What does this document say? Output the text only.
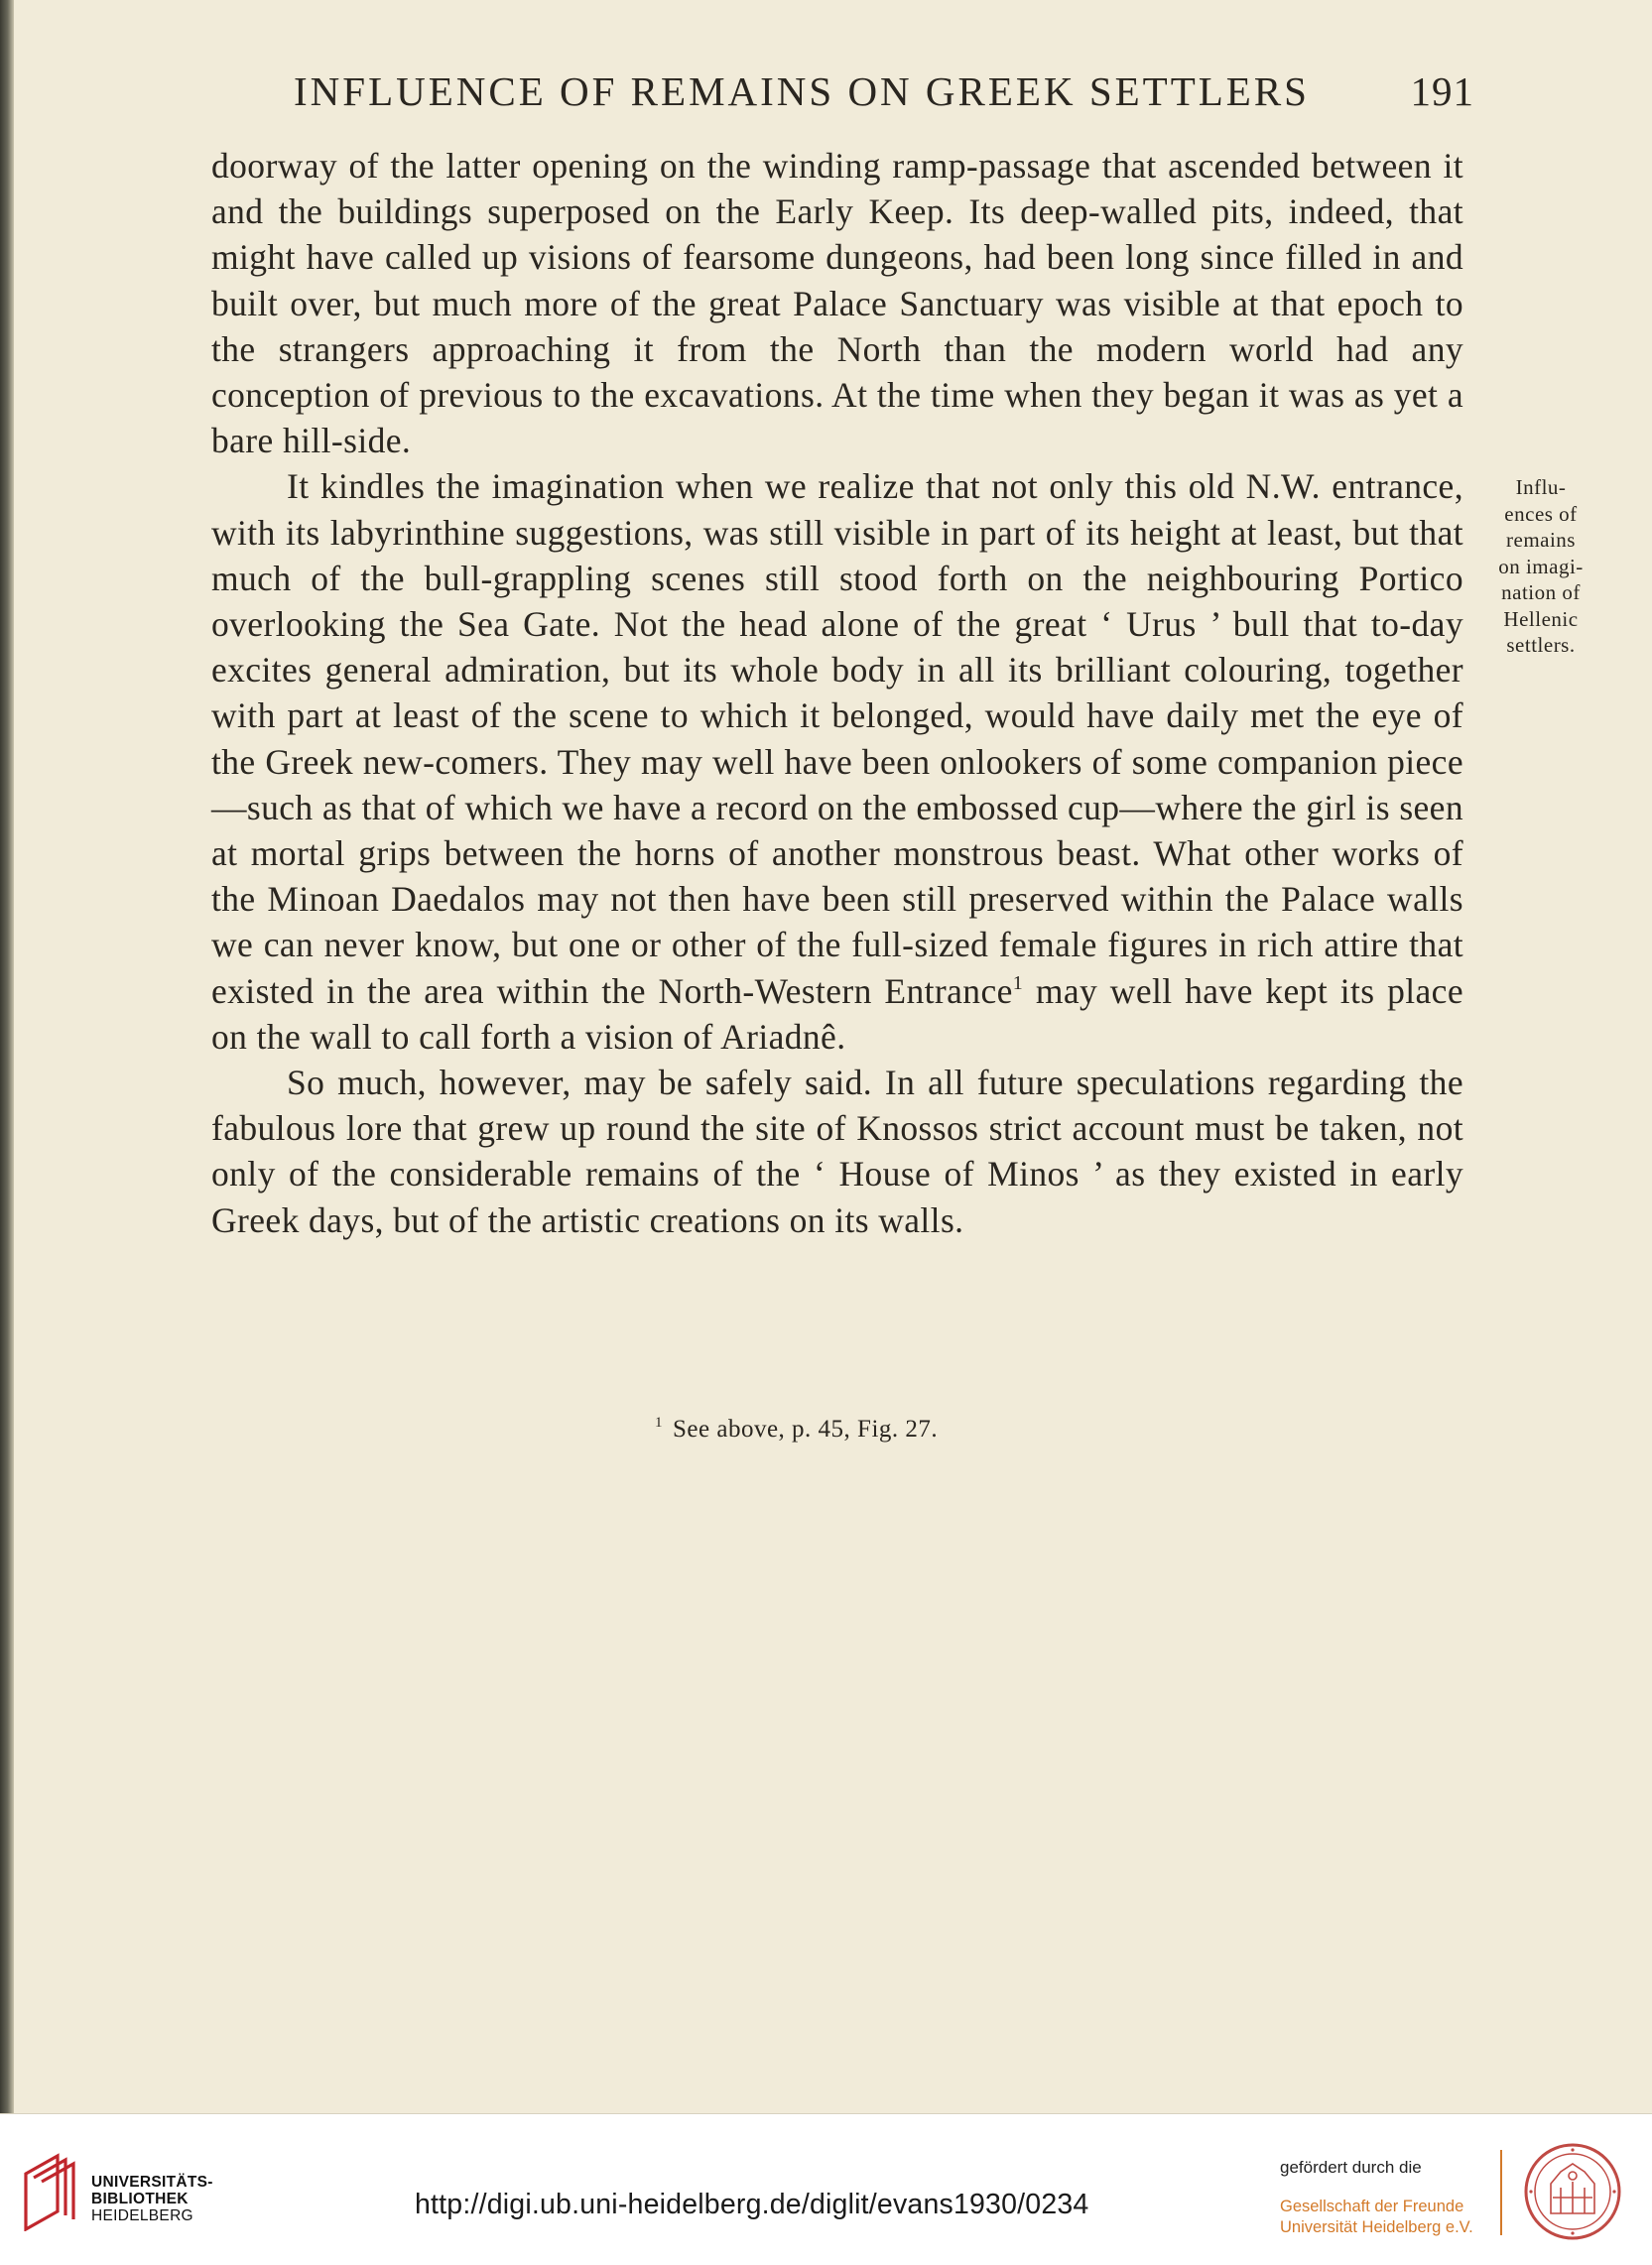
INFLUENCE OF REMAINS ON GREEK SETTLERS 191

doorway of the latter opening on the winding ramp-passage that ascended between it and the buildings superposed on the Early Keep. Its deep-walled pits, indeed, that might have called up visions of fearsome dungeons, had been long since filled in and built over, but much more of the great Palace Sanctuary was visible at that epoch to the strangers approaching it from the North than the modern world had any conception of previous to the excavations. At the time when they began it was as yet a bare hill-side.

It kindles the imagination when we realize that not only this old N.W. entrance, with its labyrinthine suggestions, was still visible in part of its height at least, but that much of the bull-grappling scenes still stood forth on the neighbouring Portico overlooking the Sea Gate. Not the head alone of the great ‘ Urus ’ bull that to-day excites general admiration, but its whole body in all its brilliant colouring, together with part at least of the scene to which it belonged, would have daily met the eye of the Greek new-comers. They may well have been onlookers of some companion piece—such as that of which we have a record on the embossed cup—where the girl is seen at mortal grips between the horns of another monstrous beast. What other works of the Minoan Daedalos may not then have been still preserved within the Palace walls we can never know, but one or other of the full-sized female figures in rich attire that existed in the area within the North-Western Entrance$^1$ may well have kept its place on the wall to call forth a vision of Ariadnê.

So much, however, may be safely said. In all future speculations regarding the fabulous lore that grew up round the site of Knossos strict account must be taken, not only of the considerable remains of the ‘ House of Minos ’ as they existed in early Greek days, but of the artistic creations on its walls.

Influ-
ences of
remains
on imagi-
nation of
Hellenic
settlers.
$^1$ See above, p. 45, Fig. 27.
UNIVERSITÄTS-
BIBLIOTHEK
HEIDELBERG	http://digi.ub.uni-heidelberg.de/diglit/evans1930/0234
gefördert durch die
Gesellschaft der Freunde
Universität Heidelberg e.V.
